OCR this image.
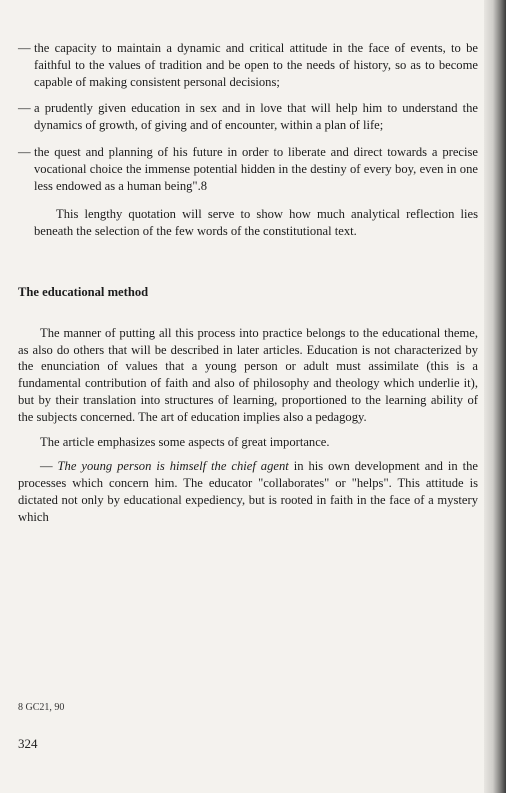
— the capacity to maintain a dynamic and critical attitude in the face of events, to be faithful to the values of tradition and be open to the needs of history, so as to become capable of making consistent personal decisions;

— a prudently given education in sex and in love that will help him to understand the dynamics of growth, of giving and of encounter, within a plan of life;

— the quest and planning of his future in order to liberate and direct towards a precise vocational choice the immense potential hidden in the destiny of every boy, even in one less endowed as a human being".8

This lengthy quotation will serve to show how much analytical reflection lies beneath the selection of the few words of the constitutional text.

The educational method

The manner of putting all this process into practice belongs to the educational theme, as also do others that will be described in later articles. Education is not characterized by the enunciation of values that a young person or adult must assimilate (this is a fundamental contribution of faith and also of philosophy and theology which underlie it), but by their translation into structures of learning, proportioned to the learning ability of the subjects concerned. The art of education implies also a pedagogy.

The article emphasizes some aspects of great importance.

— The young person is himself the chief agent in his own development and in the processes which concern him. The educator "collaborates" or "helps". This attitude is dictated not only by educational expediency, but is rooted in faith in the face of a mystery which

8 GC21, 90
324
